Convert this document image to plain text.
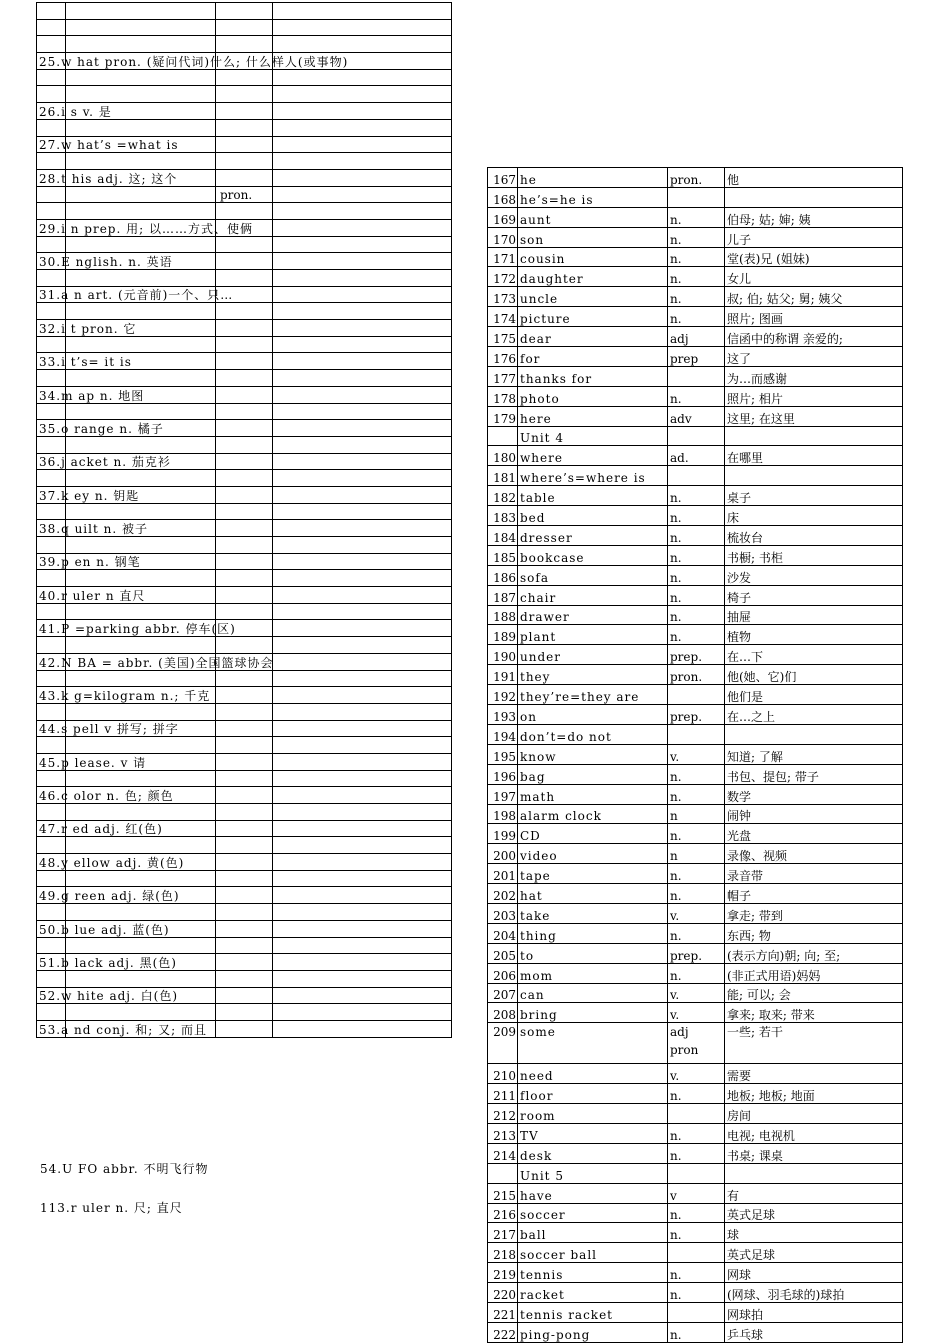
25.w hat pron. (疑问代词)什么; 什么样人(或事物)			

26.i s v. 是			

27.w hat’s =what is			

28.t his adj. 这; 这个			

		pron.	

29.i n prep. 用; 以……方式、使俩			

30.E nglish. n. 英语			

31.a n art. (元音前)一个、只…			

32.i t pron. 它			

33.i t’s= it is			

34.m ap n. 地图			

35.o range n. 橘子			

36.j acket n. 茄克衫			

37.k ey n. 钥匙			

38.q uilt n. 被子			

39.p en n. 钢笔			

40.r uler n 直尺			

41.P =parking abbr. 停车(区)			

42.N BA = abbr. (美国)全国篮球协会			

43.k g=kilogram n.; 千克			

44.s pell v 拼写; 拼字			

45.p lease. v 请			

46.c olor n. 色; 颜色			

47.r ed adj. 红(色)			

48.y ellow adj. 黄(色)			

49.g reen adj. 绿(色)			

50.b lue adj. 蓝(色)			

51.b lack adj. 黑(色)			

52.w hite adj. 白(色)			

53.a nd conj. 和; 又; 而且			

54.U FO abbr. 不明飞行物
113.r uler n. 尺; 直尺
167	he	pron.	他
168	he’s=he is		
169	aunt	n.	伯母; 姑; 婶; 姨
170	son	n.	儿子
171	cousin	n.	堂(表)兄 (姐妹)
172	daughter	n.	女儿
173	uncle	n.	叔; 伯; 姑父; 舅; 姨父
174	picture	n.	照片; 图画
175	dear	adj	信函中的称谓 亲爱的;
176	for	prep	这了
177	thanks for		为…而感谢
178	photo	n.	照片; 相片
179	here	adv	这里; 在这里
	Unit 4		
180	where	ad.	在哪里
181	where’s=where is		
182	table	n.	桌子
183	bed	n.	床
184	dresser	n.	梳妆台
185	bookcase	n.	书橱; 书柜
186	sofa	n.	沙发
187	chair	n.	椅子
188	drawer	n.	抽屉
189	plant	n.	植物
190	under	prep.	在…下
191	they	pron.	他(她、它)们
192	they’re=they are		他们是
193	on	prep.	在…之上
194	don’t=do not		
195	know	v.	知道; 了解
196	bag	n.	书包、提包; 带子
197	math	n.	数学
198	alarm clock	n	闹钟
199	CD	n.	光盘
200	video	n	录像、视频
201	tape	n.	录音带
202	hat	n.	帽子
203	take	v.	拿走; 带到
204	thing	n.	东西; 物
205	to	prep.	(表示方向)朝; 向; 至;
206	mom	n.	(非正式用语)妈妈
207	can	v.	能; 可以; 会
208	bring	v.	拿来; 取来; 带来
209	some	adj
pron	一些; 若干
210	need	v.	需要
211	floor	n.	地板; 地板; 地面
212	room		房间
213	TV	n.	电视; 电视机
214	desk	n.	书桌; 课桌
	Unit 5		
215	have	v	有
216	soccer	n.	英式足球
217	ball	n.	球
218	soccer ball		英式足球
219	tennis	n.	网球
220	racket	n.	(网球、羽毛球的)球拍
221	tennis racket		网球拍
222	ping-pong	n.	乒乓球
